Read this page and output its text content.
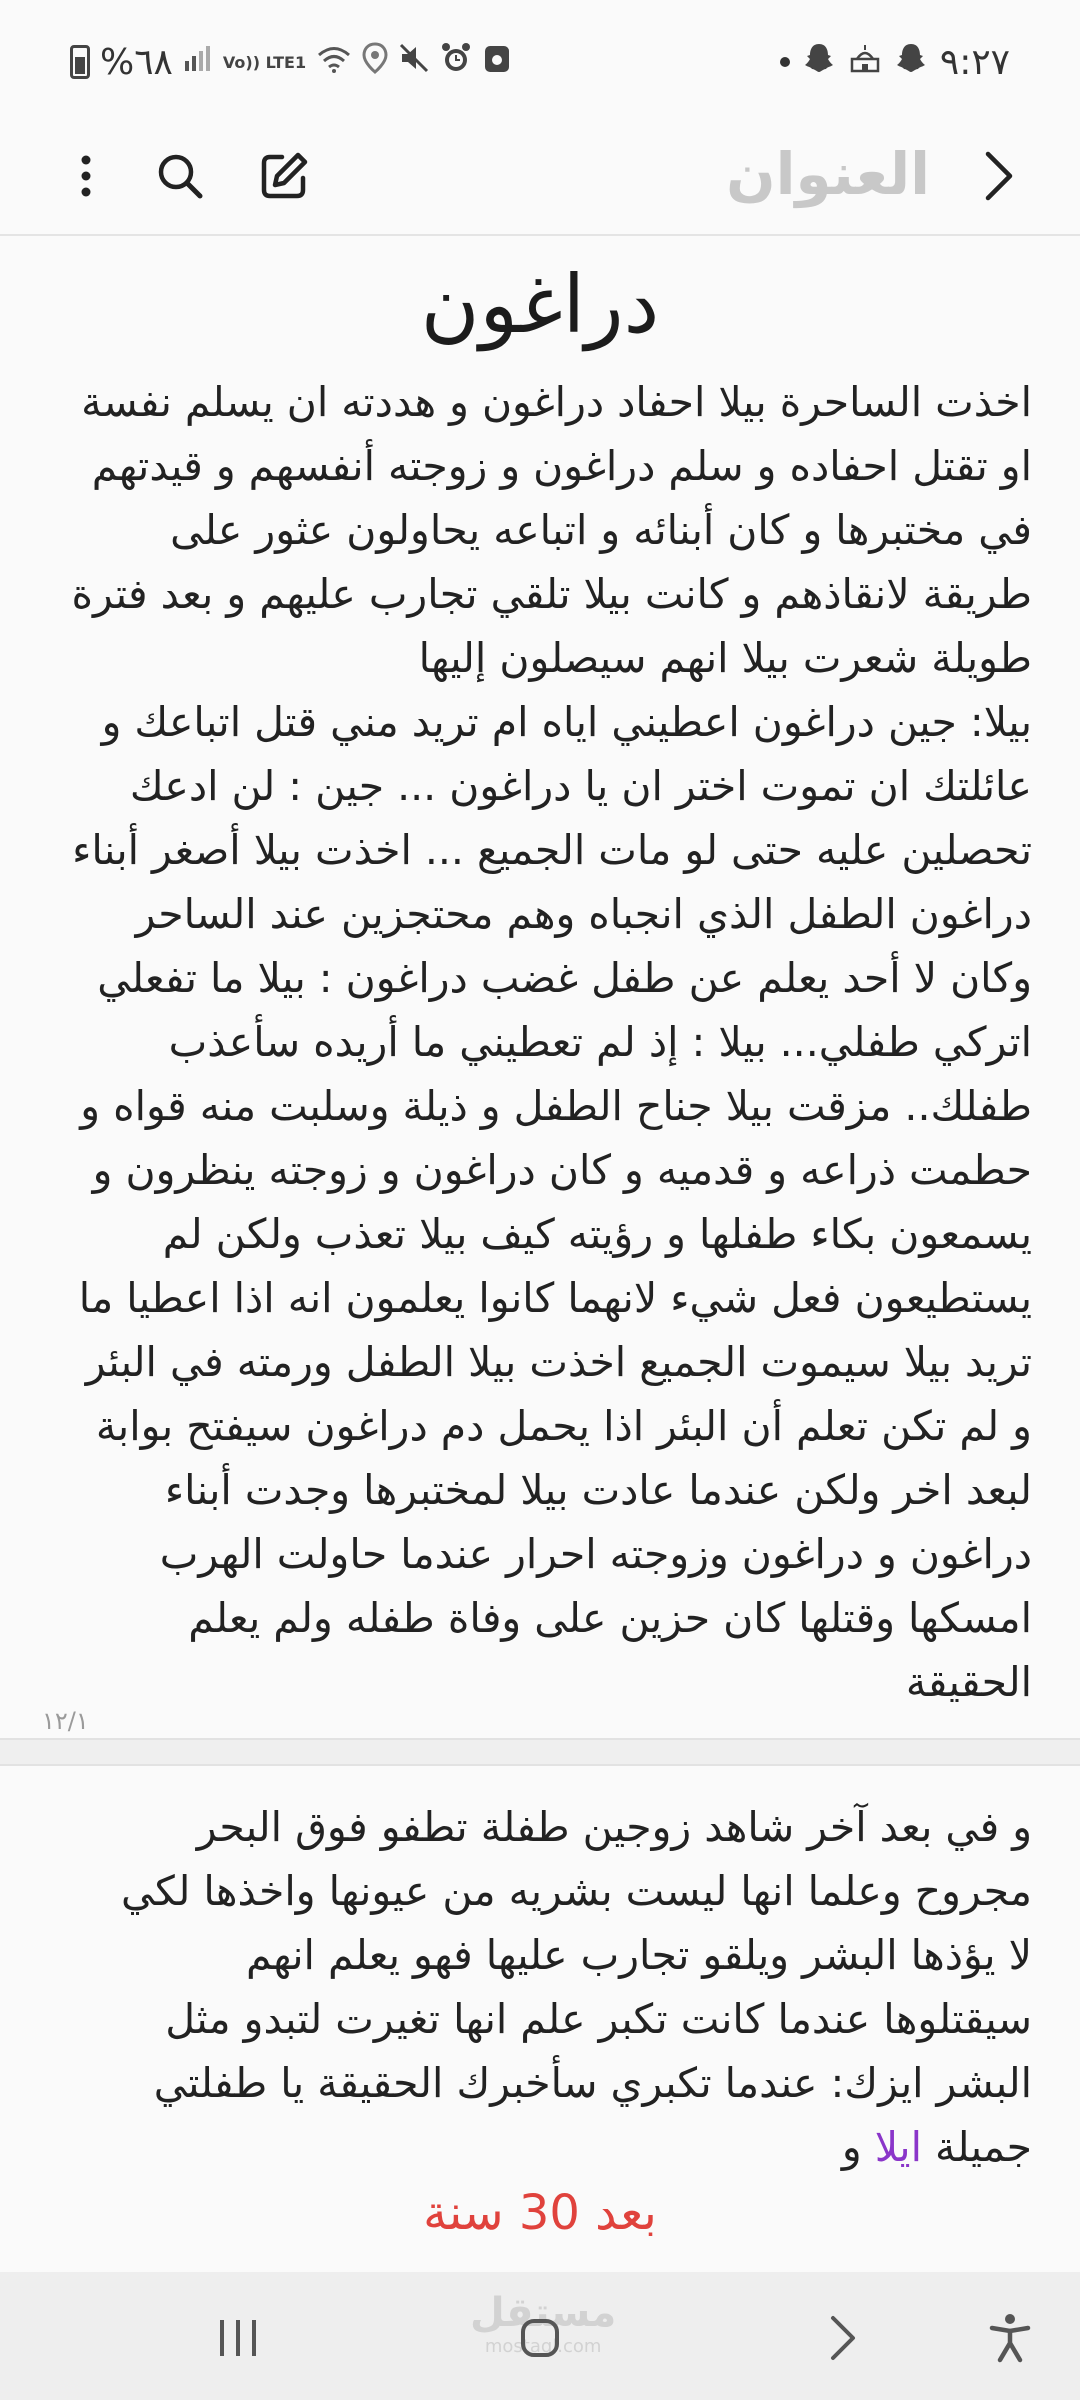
%٦٨	Vo)) LTE1	٩:٢٧
العنوان
دراغون
اخذت الساحرة بيلا احفاد دراغون و هددته ان يسلم نفسة او تقتل احفاده و سلم دراغون و زوجته أنفسهم و قيدتهم في مختبرها و كان أبنائه و اتباعه يحاولون عثور على طريقة لانقاذهم و كانت بيلا تلقي تجارب عليهم و بعد فترة طويلة شعرت بيلا انهم سيصلون إليها
بيلا: جين دراغون اعطيني اياه ام تريد مني قتل اتباعك و عائلتك ان تموت اختر ان يا دراغون ... جين : لن ادعك تحصلين عليه حتى لو مات الجميع ... اخذت بيلا أصغر أبناء دراغون الطفل الذي انجباه وهم محتجزين عند الساحر وكان لا أحد يعلم عن طفل غضب دراغون : بيلا ما تفعلي اتركي طفلي... بيلا : إذ لم تعطيني ما أريده سأعذب طفلك.. مزقت بيلا جناح الطفل و ذيلة وسلبت منه قواه و حطمت ذراعه و قدميه و كان دراغون و زوجته ينظرون و يسمعون بكاء طفلها و رؤيته كيف بيلا تعذب ولكن لم يستطيعون فعل شيء لانهما كانوا يعلمون انه اذا اعطيا ما تريد بيلا سيموت الجميع اخذت بيلا الطفل ورمته في البئر و لم تكن تعلم أن البئر اذا يحمل دم دراغون سيفتح بوابة لبعد اخر ولكن عندما عادت بيلا لمختبرها وجدت أبناء دراغون و دراغون وزوجته احرار عندما حاولت الهرب امسكها وقتلها كان حزين على وفاة طفله ولم يعلم الحقيقة
١٢/١
و في بعد آخر شاهد زوجين طفلة تطفو فوق البحر مجروح وعلما انها ليست بشريه من عيونها واخذها لكي لا يؤذها البشر ويلقو تجارب عليها فهو يعلم انهم سيقتلوها عندما كانت تكبر علم انها تغيرت لتبدو مثل البشر ايزك: عندما تكبري سأخبرك الحقيقة يا طفلتي جميلة ايلا و
بعد 30 سنة
مستقل
mostaql.com
